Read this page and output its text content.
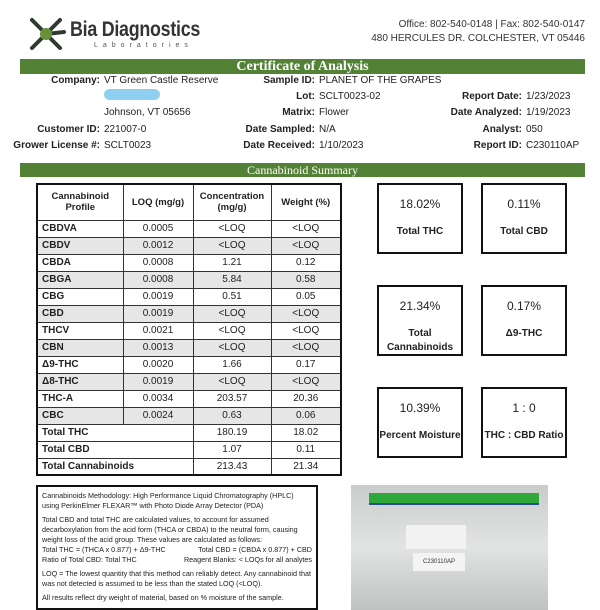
Bia Diagnostics
Laboratories
Office: 802-540-0148 | Fax: 802-540-0147
480 HERCULES DR. COLCHESTER, VT 05446
Certificate of Analysis
Company: VT Green Castle Reserve
Johnson, VT 05656
Customer ID: 221007-0
Grower License #: SCLT0023
Sample ID: PLANET OF THE GRAPES
Lot: SCLT0023-02
Matrix: Flower
Date Sampled: N/A
Date Received: 1/10/2023
Report Date: 1/23/2023
Date Analyzed: 1/19/2023
Analyst: 050
Report ID: C230110AP
Cannabinoid Summary
Cannabinoid Profile	LOQ (mg/g)	Concentration (mg/g)	Weight (%)
CBDVA	0.0005	<LOQ	<LOQ
CBDV	0.0012	<LOQ	<LOQ
CBDA	0.0008	1.21	0.12
CBGA	0.0008	5.84	0.58
CBG	0.0019	0.51	0.05
CBD	0.0019	<LOQ	<LOQ
THCV	0.0021	<LOQ	<LOQ
CBN	0.0013	<LOQ	<LOQ
Δ9-THC	0.0020	1.66	0.17
Δ8-THC	0.0019	<LOQ	<LOQ
THC-A	0.0034	203.57	20.36
CBC	0.0024	0.63	0.06
Total THC		180.19	18.02
Total CBD		1.07	0.11
Total Cannabinoids		213.43	21.34
18.02%
Total THC
0.11%
Total CBD
21.34%
Total Cannabinoids
0.17%
Δ9-THC
10.39%
Percent Moisture
1 : 0
THC : CBD Ratio

Cannabinoids Methodology: High Performance Liquid Chromatography (HPLC) using PerkinElmer FLEXAR™ with Photo Diode Array Detector (PDA)

Total CBD and total THC are calculated values, to account for assumed decarboxylation from the acid form (THCA or CBDA) to the neutral form, causing weight loss of the acid group. These values are calculated as follows:

Total THC = (THCA x 0.877) + Δ9-THC	Total CBD = (CBDA x 0.877) + CBD
Ratio of Total CBD: Total THC	Reagent Blanks: < LOQs for all analytes

LOQ = The lowest quantity that this method can reliably detect. Any cannabinoid that was not detected is assumed to be less than the stated LOQ (<LOQ).

All results reflect dry weight of material, based on % moisture of the sample.

C230110AP
